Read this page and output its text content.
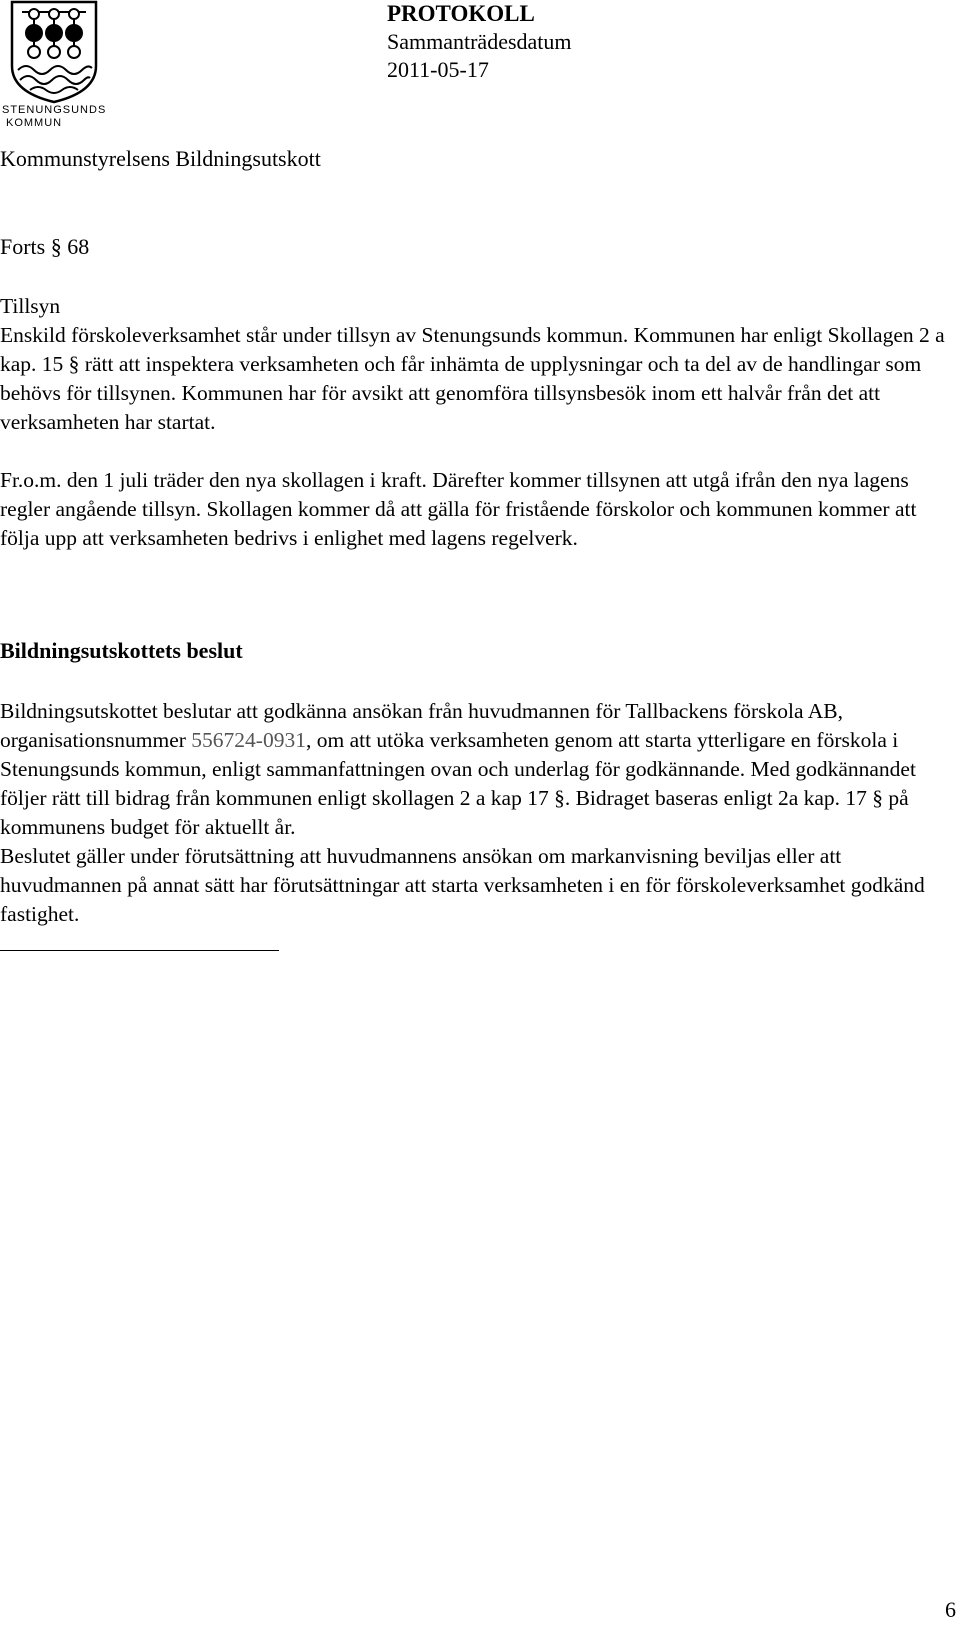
STENUNGSUNDS
KOMMUN
PROTOKOLL
Sammanträdesdatum
2011-05-17
Kommunstyrelsens Bildningsutskott
Forts § 68

Tillsyn

Enskild förskoleverksamhet står under tillsyn av Stenungsunds kommun. Kommunen har enligt Skollagen 2 a kap. 15 § rätt att inspektera verksamheten och får inhämta de upplysningar och ta del av de handlingar som behövs för tillsynen. Kommunen har för avsikt att genomföra tillsynsbesök inom ett halvår från det att verksamheten har startat.

Fr.o.m. den 1 juli träder den nya skollagen i kraft. Därefter kommer tillsynen att utgå ifrån den nya lagens regler angående tillsyn. Skollagen kommer då att gälla för fristående förskolor och kommunen kommer att följa upp att verksamheten bedrivs i enlighet med lagens regelverk.

Bildningsutskottets beslut

Bildningsutskottet beslutar att godkänna ansökan från huvudmannen för Tallbackens förskola AB, organisationsnummer 556724-0931, om att utöka verksamheten genom att starta ytterligare en förskola i Stenungsunds kommun, enligt sammanfattningen ovan och underlag för godkännande. Med godkännandet följer rätt till bidrag från kommunen enligt skollagen 2 a kap 17 §. Bidraget baseras enligt 2a kap. 17 § på kommunens budget för aktuellt år.

Beslutet gäller under förutsättning att huvudmannens ansökan om markanvisning beviljas eller att huvudmannen på annat sätt har förutsättningar att starta verksamheten i en för förskoleverksamhet godkänd fastighet.

6
